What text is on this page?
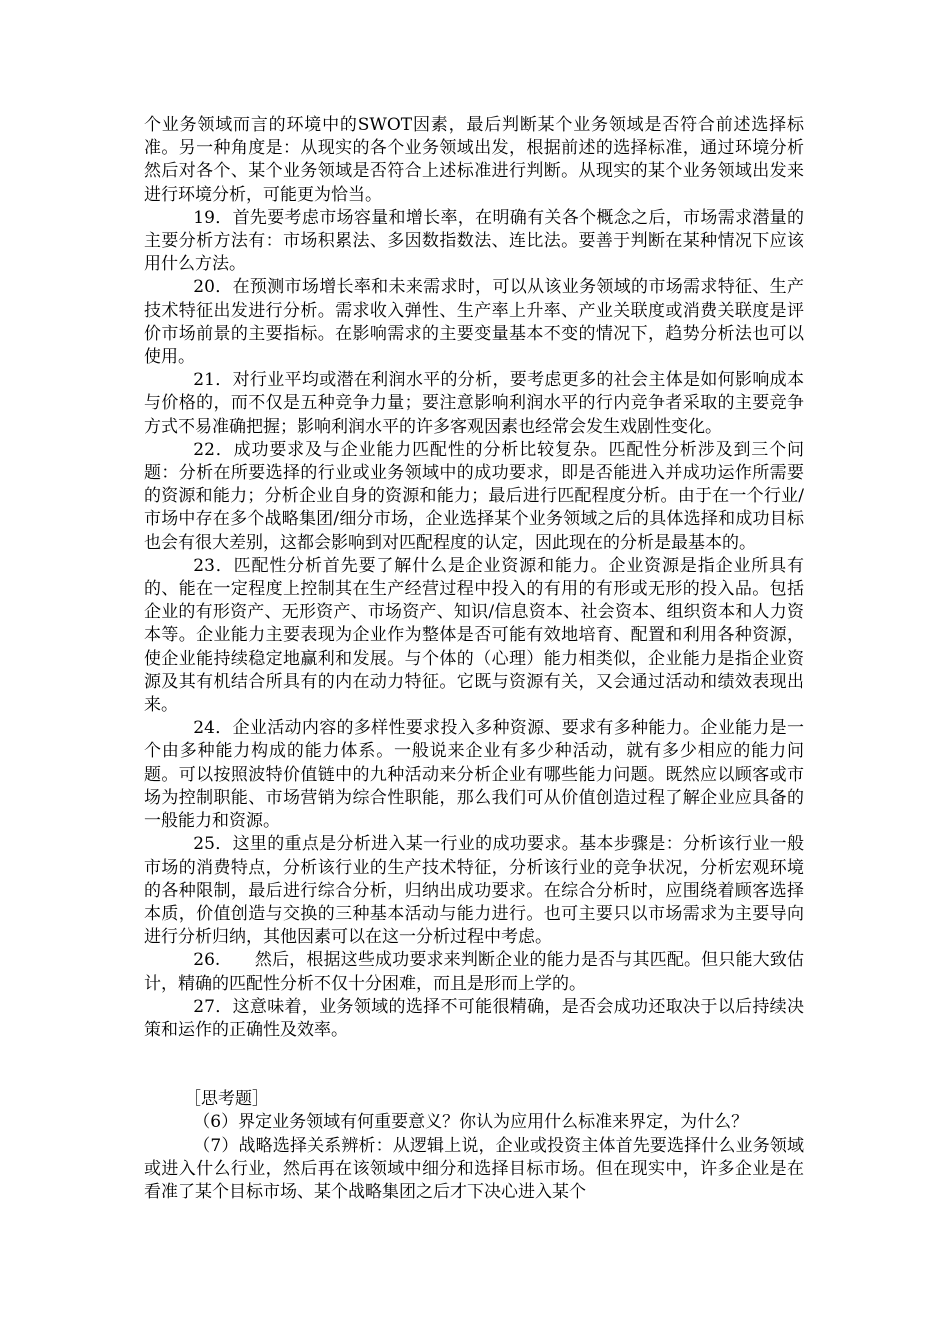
个业务领域而言的环境中的SWOT因素，最后判断某个业务领域是否符合前述选择标准。另一种角度是：从现实的各个业务领域出发，根据前述的选择标准，通过环境分析然后对各个、某个业务领域是否符合上述标准进行判断。从现实的某个业务领域出发来进行环境分析，可能更为恰当。

19．首先要考虑市场容量和增长率，在明确有关各个概念之后，市场需求潜量的主要分析方法有：市场积累法、多因数指数法、连比法。要善于判断在某种情况下应该用什么方法。

20．在预测市场增长率和未来需求时，可以从该业务领域的市场需求特征、生产技术特征出发进行分析。需求收入弹性、生产率上升率、产业关联度或消费关联度是评价市场前景的主要指标。在影响需求的主要变量基本不变的情况下，趋势分析法也可以使用。

21．对行业平均或潜在利润水平的分析，要考虑更多的社会主体是如何影响成本与价格的，而不仅是五种竞争力量；要注意影响利润水平的行内竞争者采取的主要竞争方式不易准确把握；影响利润水平的许多客观因素也经常会发生戏剧性变化。

22．成功要求及与企业能力匹配性的分析比较复杂。匹配性分析涉及到三个问题：分析在所要选择的行业或业务领域中的成功要求，即是否能进入并成功运作所需要的资源和能力；分析企业自身的资源和能力；最后进行匹配程度分析。由于在一个行业/市场中存在多个战略集团/细分市场，企业选择某个业务领域之后的具体选择和成功目标也会有很大差别，这都会影响到对匹配程度的认定，因此现在的分析是最基本的。

23．匹配性分析首先要了解什么是企业资源和能力。企业资源是指企业所具有的、能在一定程度上控制其在生产经营过程中投入的有用的有形或无形的投入品。包括企业的有形资产、无形资产、市场资产、知识/信息资本、社会资本、组织资本和人力资本等。企业能力主要表现为企业作为整体是否可能有效地培育、配置和利用各种资源，使企业能持续稳定地赢利和发展。与个体的（心理）能力相类似，企业能力是指企业资源及其有机结合所具有的内在动力特征。它既与资源有关，又会通过活动和绩效表现出来。

24．企业活动内容的多样性要求投入多种资源、要求有多种能力。企业能力是一个由多种能力构成的能力体系。一般说来企业有多少种活动，就有多少相应的能力问题。可以按照波特价值链中的九种活动来分析企业有哪些能力问题。既然应以顾客或市场为控制职能、市场营销为综合性职能，那么我们可从价值创造过程了解企业应具备的一般能力和资源。

25．这里的重点是分析进入某一行业的成功要求。基本步骤是：分析该行业一般市场的消费特点，分析该行业的生产技术特征，分析该行业的竞争状况，分析宏观环境的各种限制，最后进行综合分析，归纳出成功要求。在综合分析时，应围绕着顾客选择本质，价值创造与交换的三种基本活动与能力进行。也可主要只以市场需求为主要导向进行分析归纳，其他因素可以在这一分析过程中考虑。

26.　　然后，根据这些成功要求来判断企业的能力是否与其匹配。但只能大致估计，精确的匹配性分析不仅十分困难，而且是形而上学的。

27．这意味着，业务领域的选择不可能很精确，是否会成功还取决于以后持续决策和运作的正确性及效率。

［思考题］

（6）界定业务领域有何重要意义？你认为应用什么标准来界定，为什么？

（7）战略选择关系辨析：从逻辑上说，企业或投资主体首先要选择什么业务领域或进入什么行业，然后再在该领域中细分和选择目标市场。但在现实中，许多企业是在看准了某个目标市场、某个战略集团之后才下决心进入某个
